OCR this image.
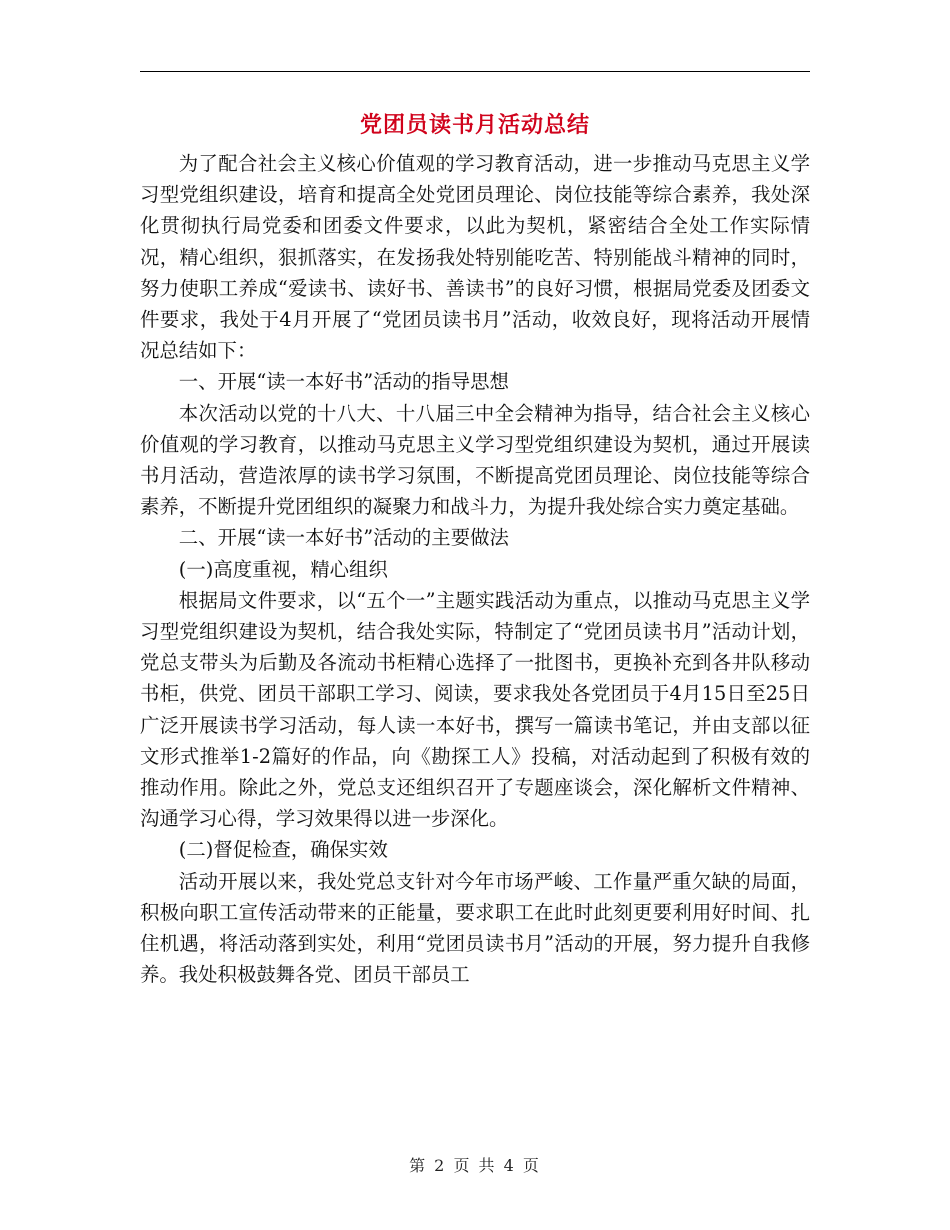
党团员读书月活动总结

为了配合社会主义核心价值观的学习教育活动，进一步推动马克思主义学习型党组织建设，培育和提高全处党团员理论、岗位技能等综合素养，我处深化贯彻执行局党委和团委文件要求，以此为契机，紧密结合全处工作实际情况，精心组织，狠抓落实，在发扬我处特别能吃苦、特别能战斗精神的同时，努力使职工养成“爱读书、读好书、善读书”的良好习惯，根据局党委及团委文件要求，我处于4月开展了“党团员读书月”活动，收效良好，现将活动开展情况总结如下：

一、开展“读一本好书”活动的指导思想

本次活动以党的十八大、十八届三中全会精神为指导，结合社会主义核心价值观的学习教育，以推动马克思主义学习型党组织建设为契机，通过开展读书月活动，营造浓厚的读书学习氛围，不断提高党团员理论、岗位技能等综合素养，不断提升党团组织的凝聚力和战斗力，为提升我处综合实力奠定基础。

二、开展“读一本好书”活动的主要做法

(一)高度重视，精心组织

根据局文件要求，以“五个一”主题实践活动为重点，以推动马克思主义学习型党组织建设为契机，结合我处实际，特制定了“党团员读书月”活动计划，党总支带头为后勤及各流动书柜精心选择了一批图书，更换补充到各井队移动书柜，供党、团员干部职工学习、阅读，要求我处各党团员于4月15日至25日广泛开展读书学习活动，每人读一本好书，撰写一篇读书笔记，并由支部以征文形式推举1-2篇好的作品，向《勘探工人》投稿，对活动起到了积极有效的推动作用。除此之外，党总支还组织召开了专题座谈会，深化解析文件精神、沟通学习心得，学习效果得以进一步深化。

(二)督促检查，确保实效

活动开展以来，我处党总支针对今年市场严峻、工作量严重欠缺的局面，积极向职工宣传活动带来的正能量，要求职工在此时此刻更要利用好时间、扎住机遇，将活动落到实处，利用“党团员读书月”活动的开展，努力提升自我修养。我处积极鼓舞各党、团员干部员工

第 2 页 共 4 页
